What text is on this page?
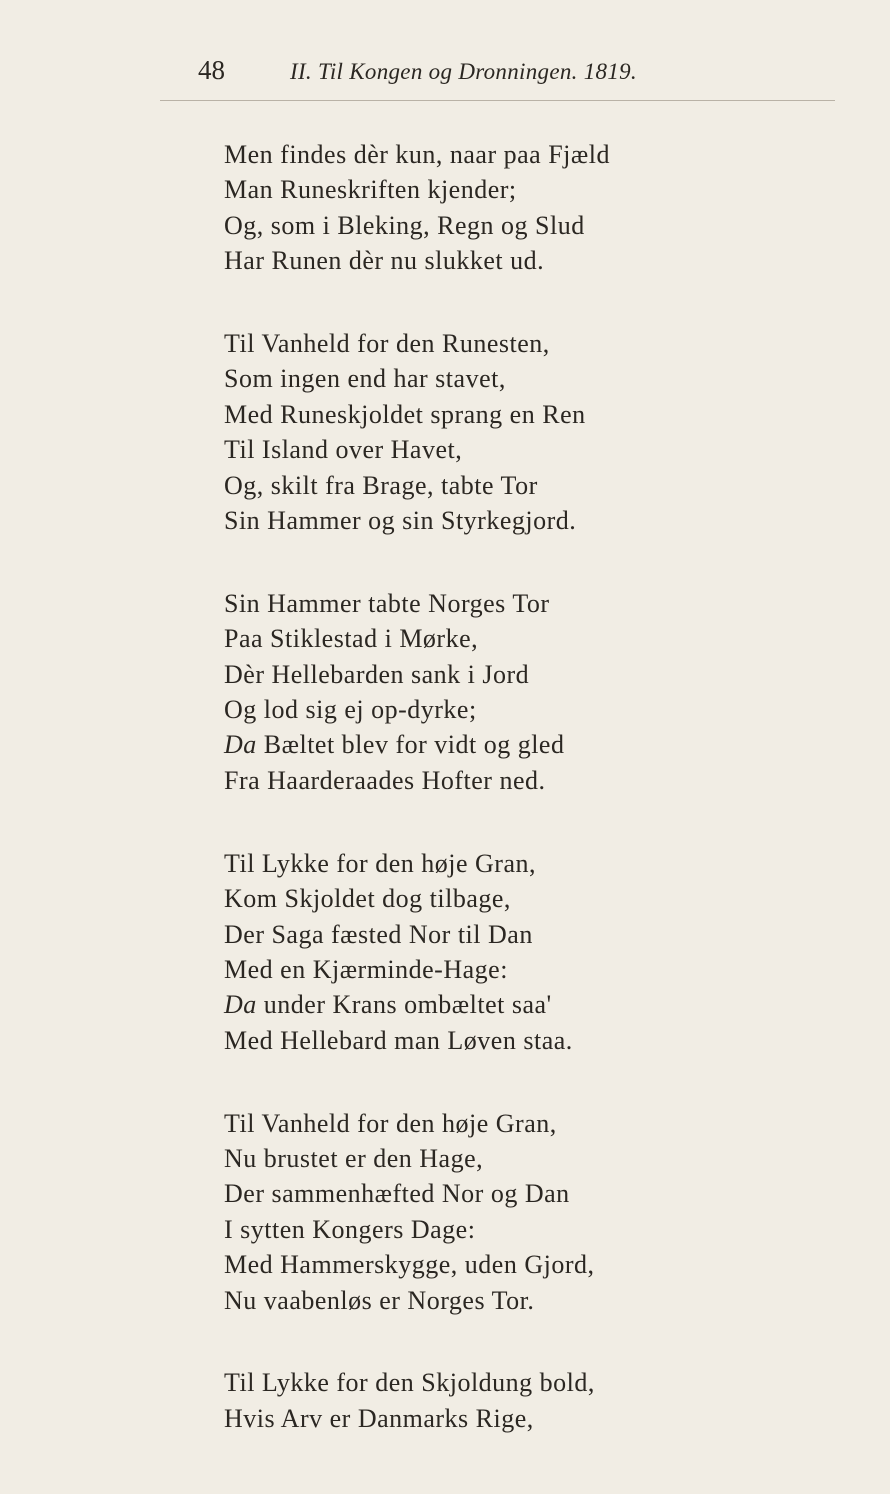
48	II. Til Kongen og Dronningen. 1819.
Men findes dèr kun, naar paa Fjæld
Man Runeskriften kjender;
Og, som i Bleking, Regn og Slud
Har Runen dèr nu slukket ud.
Til Vanheld for den Runesten,
Som ingen end har stavet,
Med Runeskjoldet sprang en Ren
Til Island over Havet,
Og, skilt fra Brage, tabte Tor
Sin Hammer og sin Styrkegjord.
Sin Hammer tabte Norges Tor
Paa Stiklestad i Mørke,
Dèr Hellebarden sank i Jord
Og lod sig ej op-dyrke;
Da Bæltet blev for vidt og gled
Fra Haarderaades Hofter ned.
Til Lykke for den høje Gran,
Kom Skjoldet dog tilbage,
Der Saga fæsted Nor til Dan
Med en Kjærminde-Hage:
Da under Krans ombæltet saa'
Med Hellebard man Løven staa.
Til Vanheld for den høje Gran,
Nu brustet er den Hage,
Der sammenhæfted Nor og Dan
I sytten Kongers Dage:
Med Hammerskygge, uden Gjord,
Nu vaabenløs er Norges Tor.
Til Lykke for den Skjoldung bold,
Hvis Arv er Danmarks Rige,
